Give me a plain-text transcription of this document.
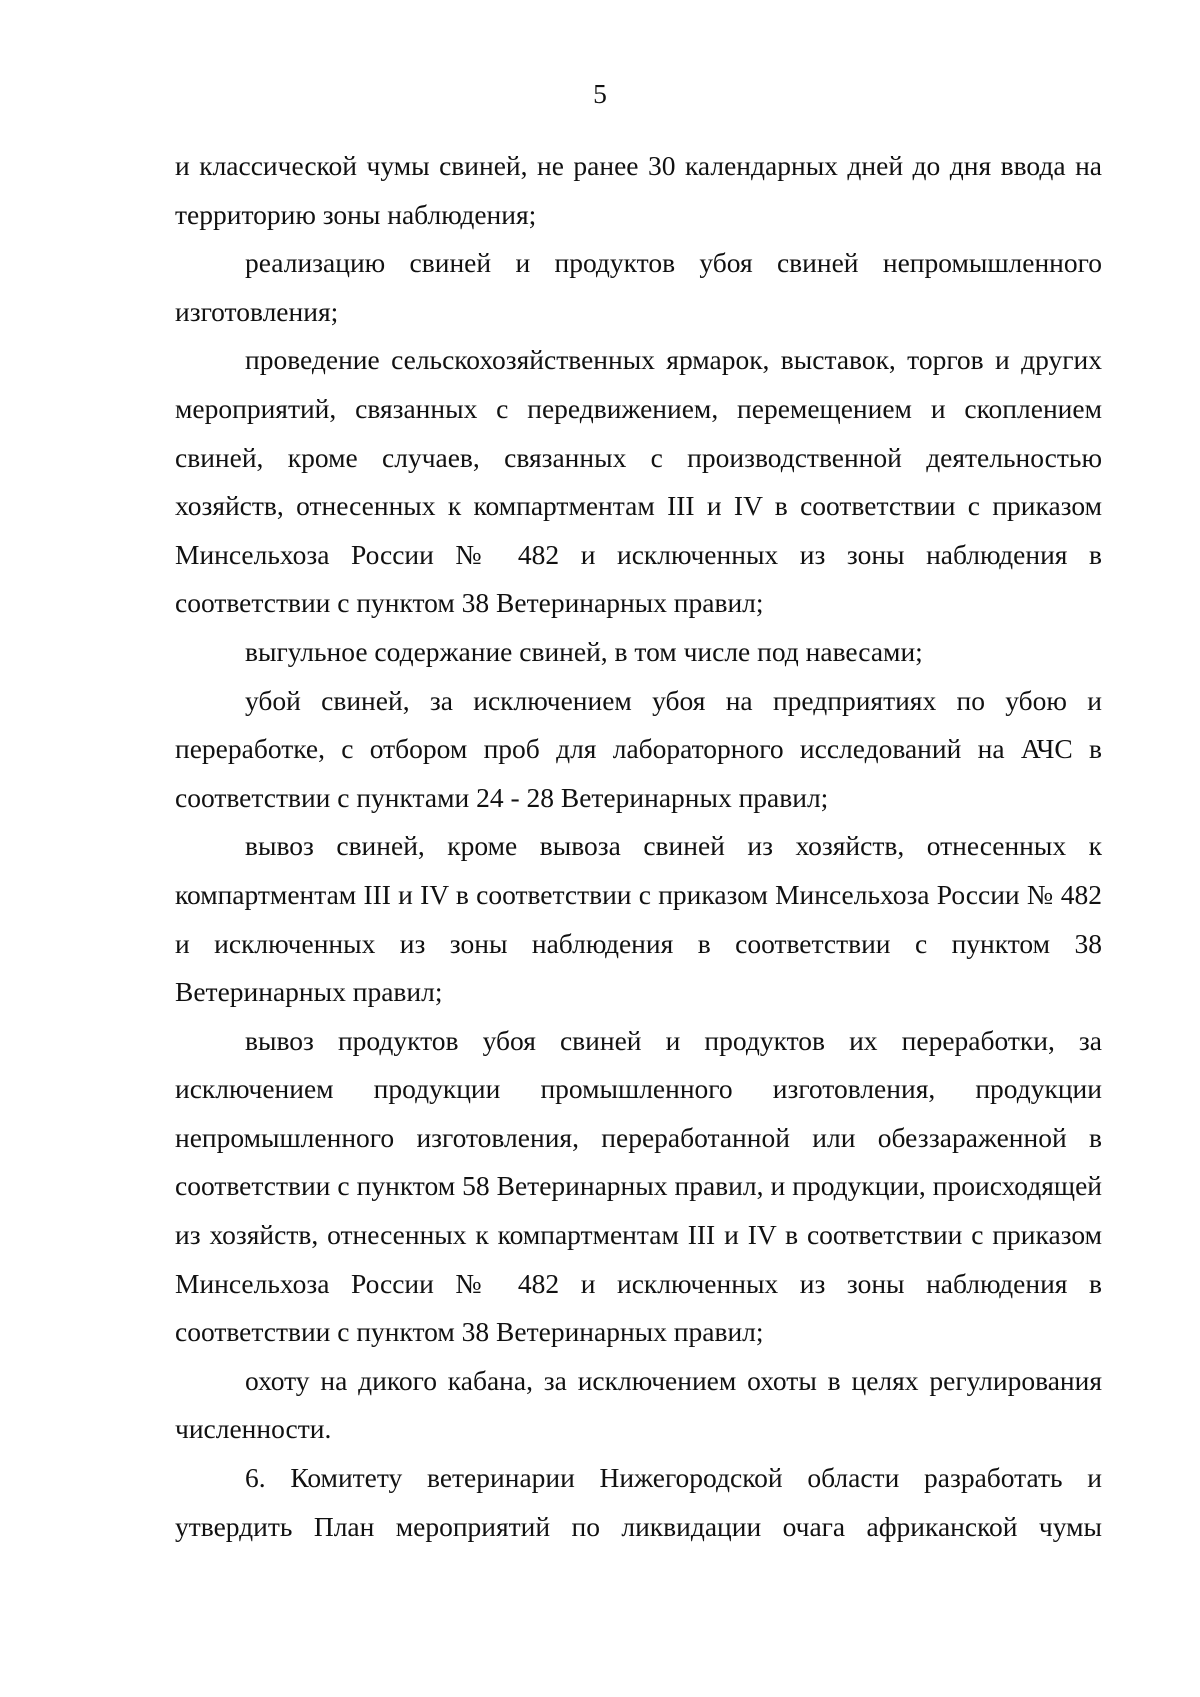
5

и классической чумы свиней, не ранее 30 календарных дней до дня ввода на территорию зоны наблюдения;

реализацию свиней и продуктов убоя свиней непромышленного изготовления;

проведение сельскохозяйственных ярмарок, выставок, торгов и других мероприятий, связанных с передвижением, перемещением и скоплением свиней, кроме случаев, связанных с производственной деятельностью хозяйств, отнесенных к компартментам III и IV в соответствии с приказом Минсельхоза России № 482 и исключенных из зоны наблюдения в соответствии с пунктом 38 Ветеринарных правил;

выгульное содержание свиней, в том числе под навесами;

убой свиней, за исключением убоя на предприятиях по убою и переработке, с отбором проб для лабораторного исследований на АЧС в соответствии с пунктами 24 - 28 Ветеринарных правил;

вывоз свиней, кроме вывоза свиней из хозяйств, отнесенных к компартментам III и IV в соответствии с приказом Минсельхоза России № 482 и исключенных из зоны наблюдения в соответствии с пунктом 38 Ветеринарных правил;

вывоз продуктов убоя свиней и продуктов их переработки, за исключением продукции промышленного изготовления, продукции непромышленного изготовления, переработанной или обеззараженной в соответствии с пунктом 58 Ветеринарных правил, и продукции, происходящей из хозяйств, отнесенных к компартментам III и IV в соответствии с приказом Минсельхоза России № 482 и исключенных из зоны наблюдения в соответствии с пунктом 38 Ветеринарных правил;

охоту на дикого кабана, за исключением охоты в целях регулирования численности.

6. Комитету ветеринарии Нижегородской области разработать и утвердить План мероприятий по ликвидации очага африканской чумы
